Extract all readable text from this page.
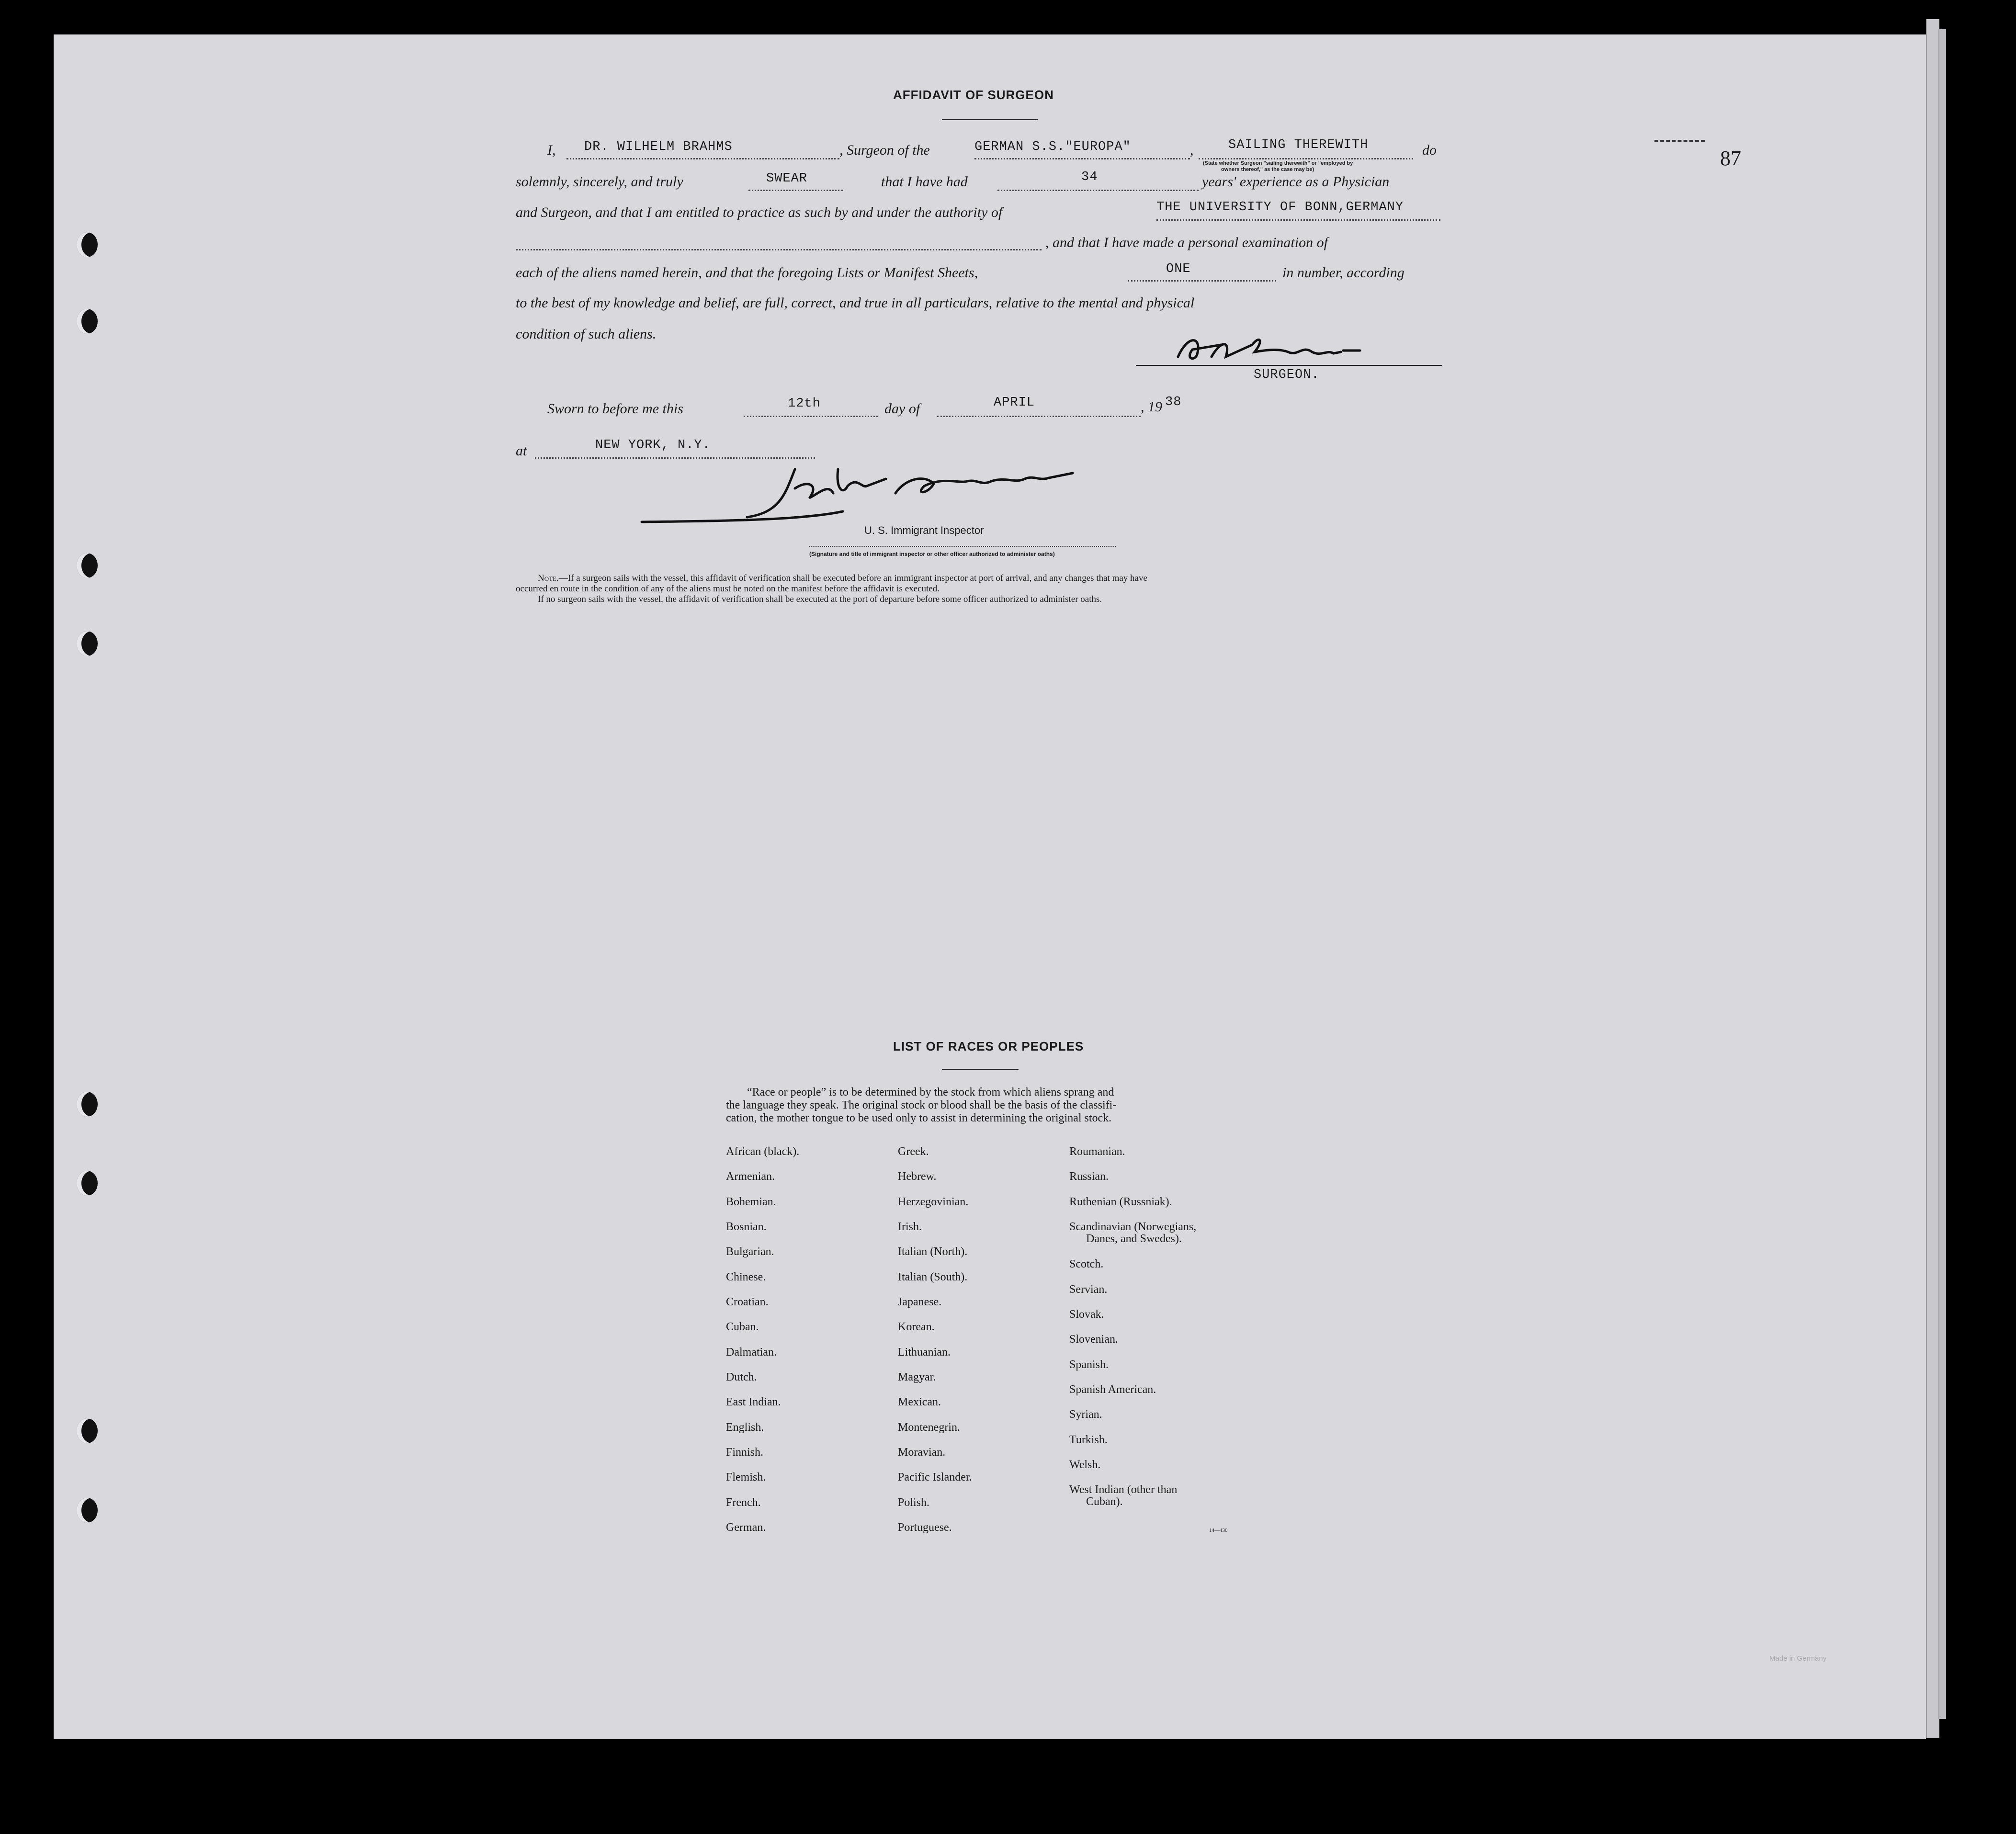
87
AFFIDAVIT OF SURGEON
I, DR. WILHELM BRAHMS	, Surgeon of the	GERMAN S.S."EUROPA"	,	SAILING THEREWITH	do
(State whether Surgeon "sailing therewith" or "employed by
owners thereof," as the case may be)
solemnly, sincerely, and truly	SWEAR	that I have had	34	years' experience as a Physician
and Surgeon, and that I am entitled to practice as such by and under the authority of	THE UNIVERSITY OF BONN,GERMANY
, and that I have made a personal examination of
each of the aliens named herein, and that the foregoing Lists or Manifest Sheets,	ONE	in number, according
to the best of my knowledge and belief, are full, correct, and true in all particulars, relative to the mental and physical
condition of such aliens.
SURGEON.
Sworn to before me this	12th	day of	APRIL	, 19 38
at	NEW YORK, N.Y.
U. S. Immigrant Inspector
(Signature and title of immigrant inspector or other officer authorized to administer oaths)
Note.—If a surgeon sails with the vessel, this affidavit of verification shall be executed before an immigrant inspector at port of arrival, and any changes that may have
occurred en route in the condition of any of the aliens must be noted on the manifest before the affidavit is executed.
If no surgeon sails with the vessel, the affidavit of verification shall be executed at the port of departure before some officer authorized to administer oaths.
LIST OF RACES OR PEOPLES
“Race or people” is to be determined by the stock from which aliens sprang and
the language they speak. The original stock or blood shall be the basis of the classifi-
cation, the mother tongue to be used only to assist in determining the original stock.
African (black).
Armenian.
Bohemian.
Bosnian.
Bulgarian.
Chinese.
Croatian.
Cuban.
Dalmatian.
Dutch.
East Indian.
English.
Finnish.
Flemish.
French.
German.
Greek.
Hebrew.
Herzegovinian.
Irish.
Italian (North).
Italian (South).
Japanese.
Korean.
Lithuanian.
Magyar.
Mexican.
Montenegrin.
Moravian.
Pacific Islander.
Polish.
Portuguese.
Roumanian.
Russian.
Ruthenian (Russniak).
Scandinavian (Norwegians,
Danes, and Swedes).
Scotch.
Servian.
Slovak.
Slovenian.
Spanish.
Spanish American.
Syrian.
Turkish.
Welsh.
West Indian (other than
Cuban).
14—430
Made in Germany
